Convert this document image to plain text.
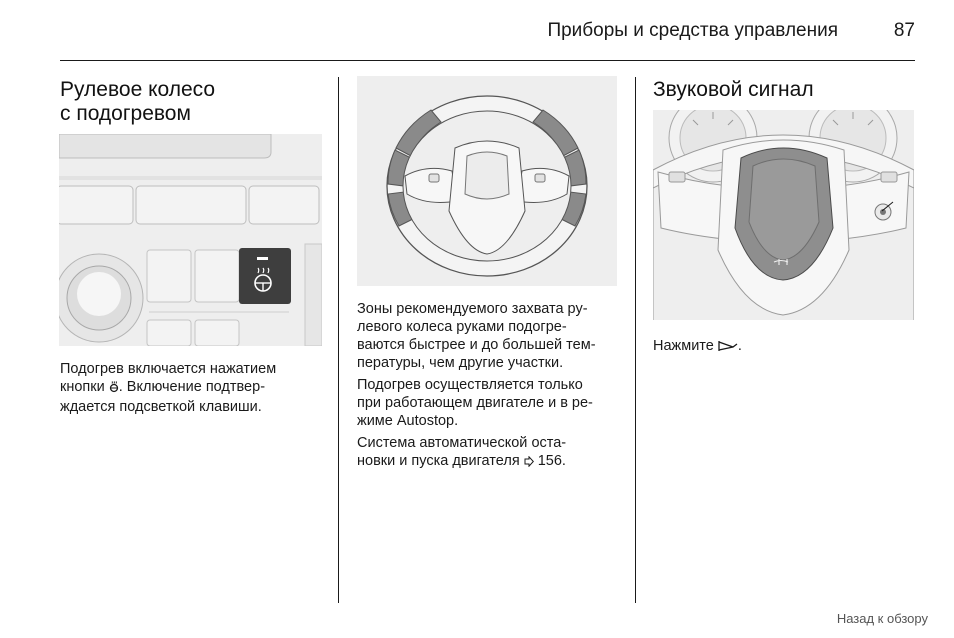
Приборы и средства управления	87
Рулевое колесо
с подогревом

Подогрев включается нажатием
кнопки . Включение подтвер-
ждается подсветкой клавиши.

Зоны рекомендуемого захвата ру-
левого колеса руками подогре-
ваются быстрее и до большей тем-
пературы, чем другие участки.

Подогрев осуществляется только
при работающем двигателе и в ре-
жиме Autostop.

Система автоматической оста-
новки и пуска двигателя 156.

Звуковой сигнал

Нажмите .

Назад к обзору
